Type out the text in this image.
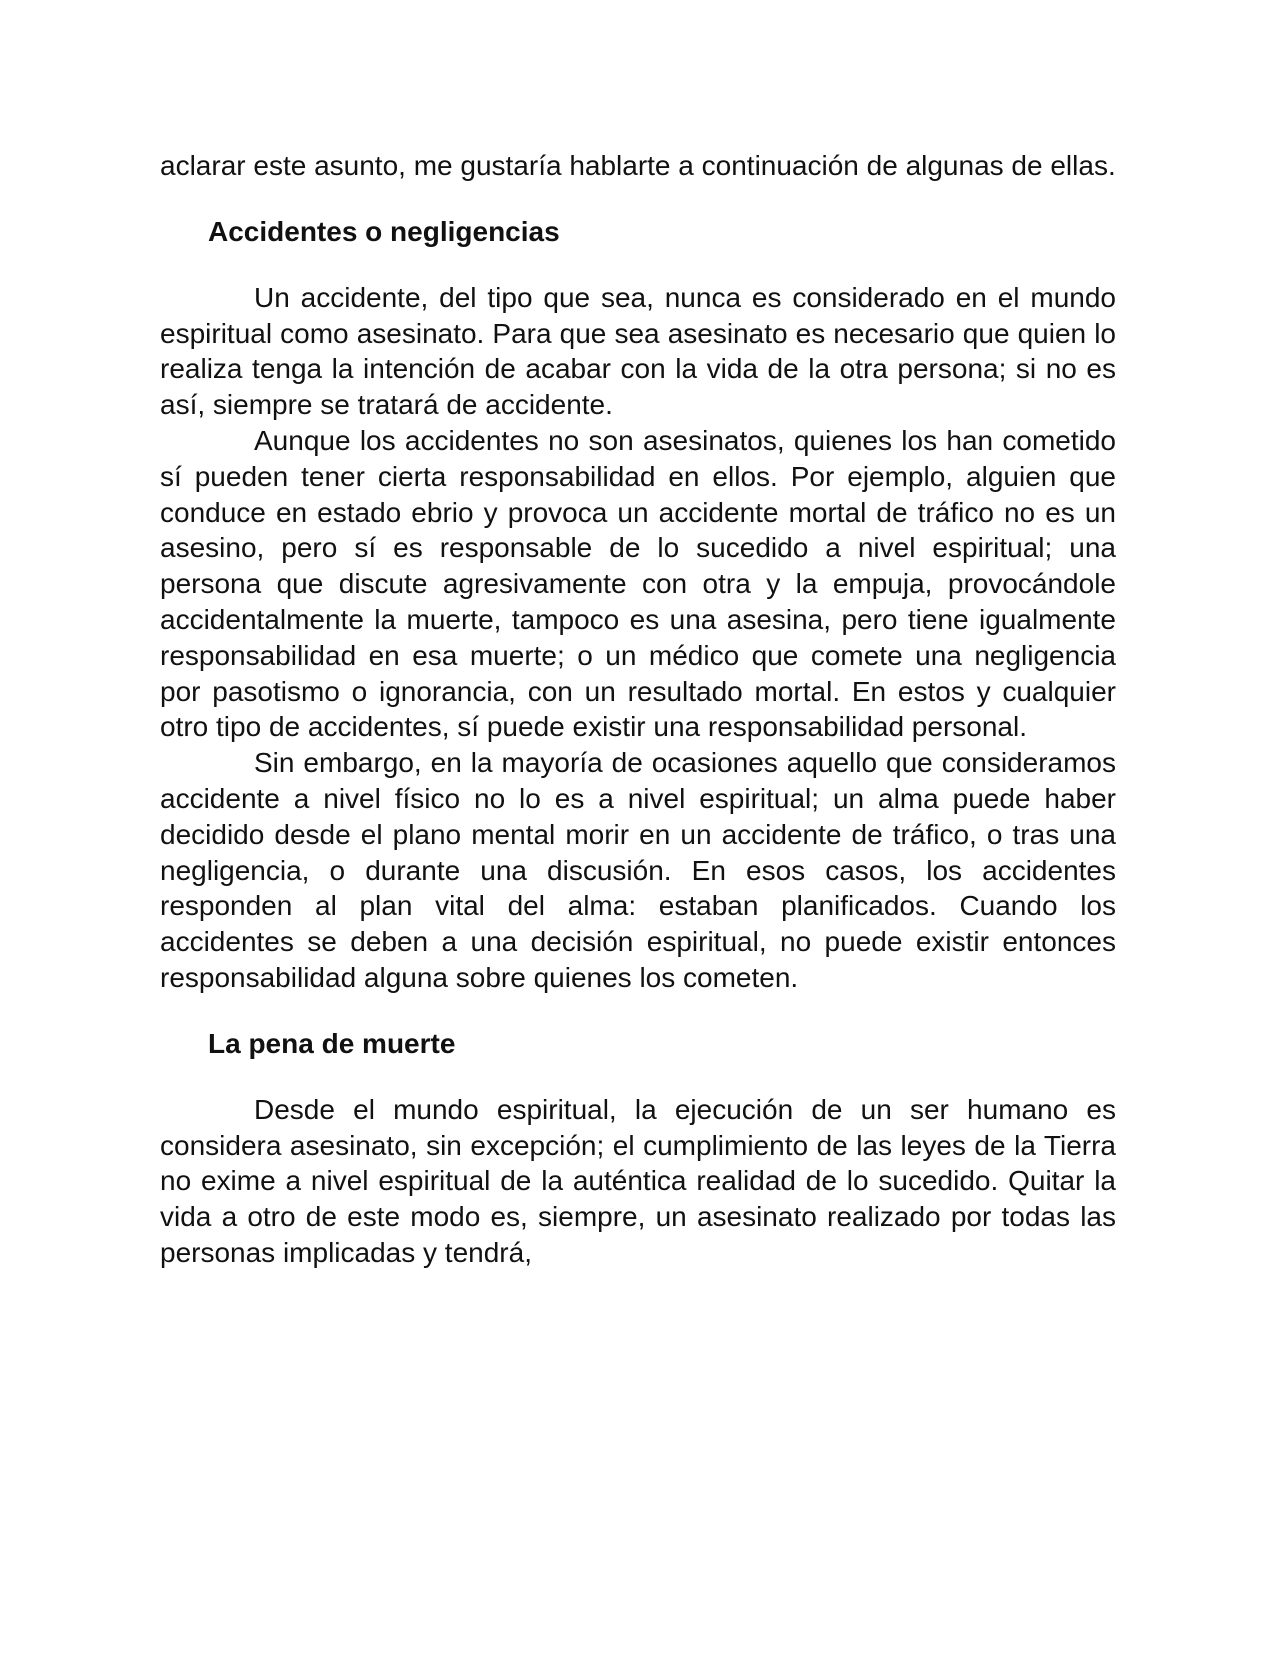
aclarar este asunto, me gustaría hablarte a continuación de algunas de ellas.

Accidentes o negligencias

Un accidente, del tipo que sea, nunca es considerado en el mundo espiritual como asesinato. Para que sea asesinato es necesario que quien lo realiza tenga la intención de acabar con la vida de la otra persona; si no es así, siempre se tratará de accidente.

Aunque los accidentes no son asesinatos, quienes los han cometido sí pueden tener cierta responsabilidad en ellos. Por ejemplo, alguien que conduce en estado ebrio y provoca un accidente mortal de tráfico no es un asesino, pero sí es responsable de lo sucedido a nivel espiritual; una persona que discute agresivamente con otra y la empuja, provocándole accidentalmente la muerte, tampoco es una asesina, pero tiene igualmente responsabilidad en esa muerte; o un médico que comete una negligencia por pasotismo o ignorancia, con un resultado mortal. En estos y cualquier otro tipo de accidentes, sí puede existir una responsabilidad personal.

Sin embargo, en la mayoría de ocasiones aquello que consideramos accidente a nivel físico no lo es a nivel espiritual; un alma puede haber decidido desde el plano mental morir en un accidente de tráfico, o tras una negligencia, o durante una discusión. En esos casos, los accidentes responden al plan vital del alma: estaban planificados. Cuando los accidentes se deben a una decisión espiritual, no puede existir entonces responsabilidad alguna sobre quienes los cometen.

La pena de muerte

Desde el mundo espiritual, la ejecución de un ser humano es considera asesinato, sin excepción; el cumplimiento de las leyes de la Tierra no exime a nivel espiritual de la auténtica realidad de lo sucedido. Quitar la vida a otro de este modo es, siempre, un asesinato realizado por todas las personas implicadas y tendrá,
